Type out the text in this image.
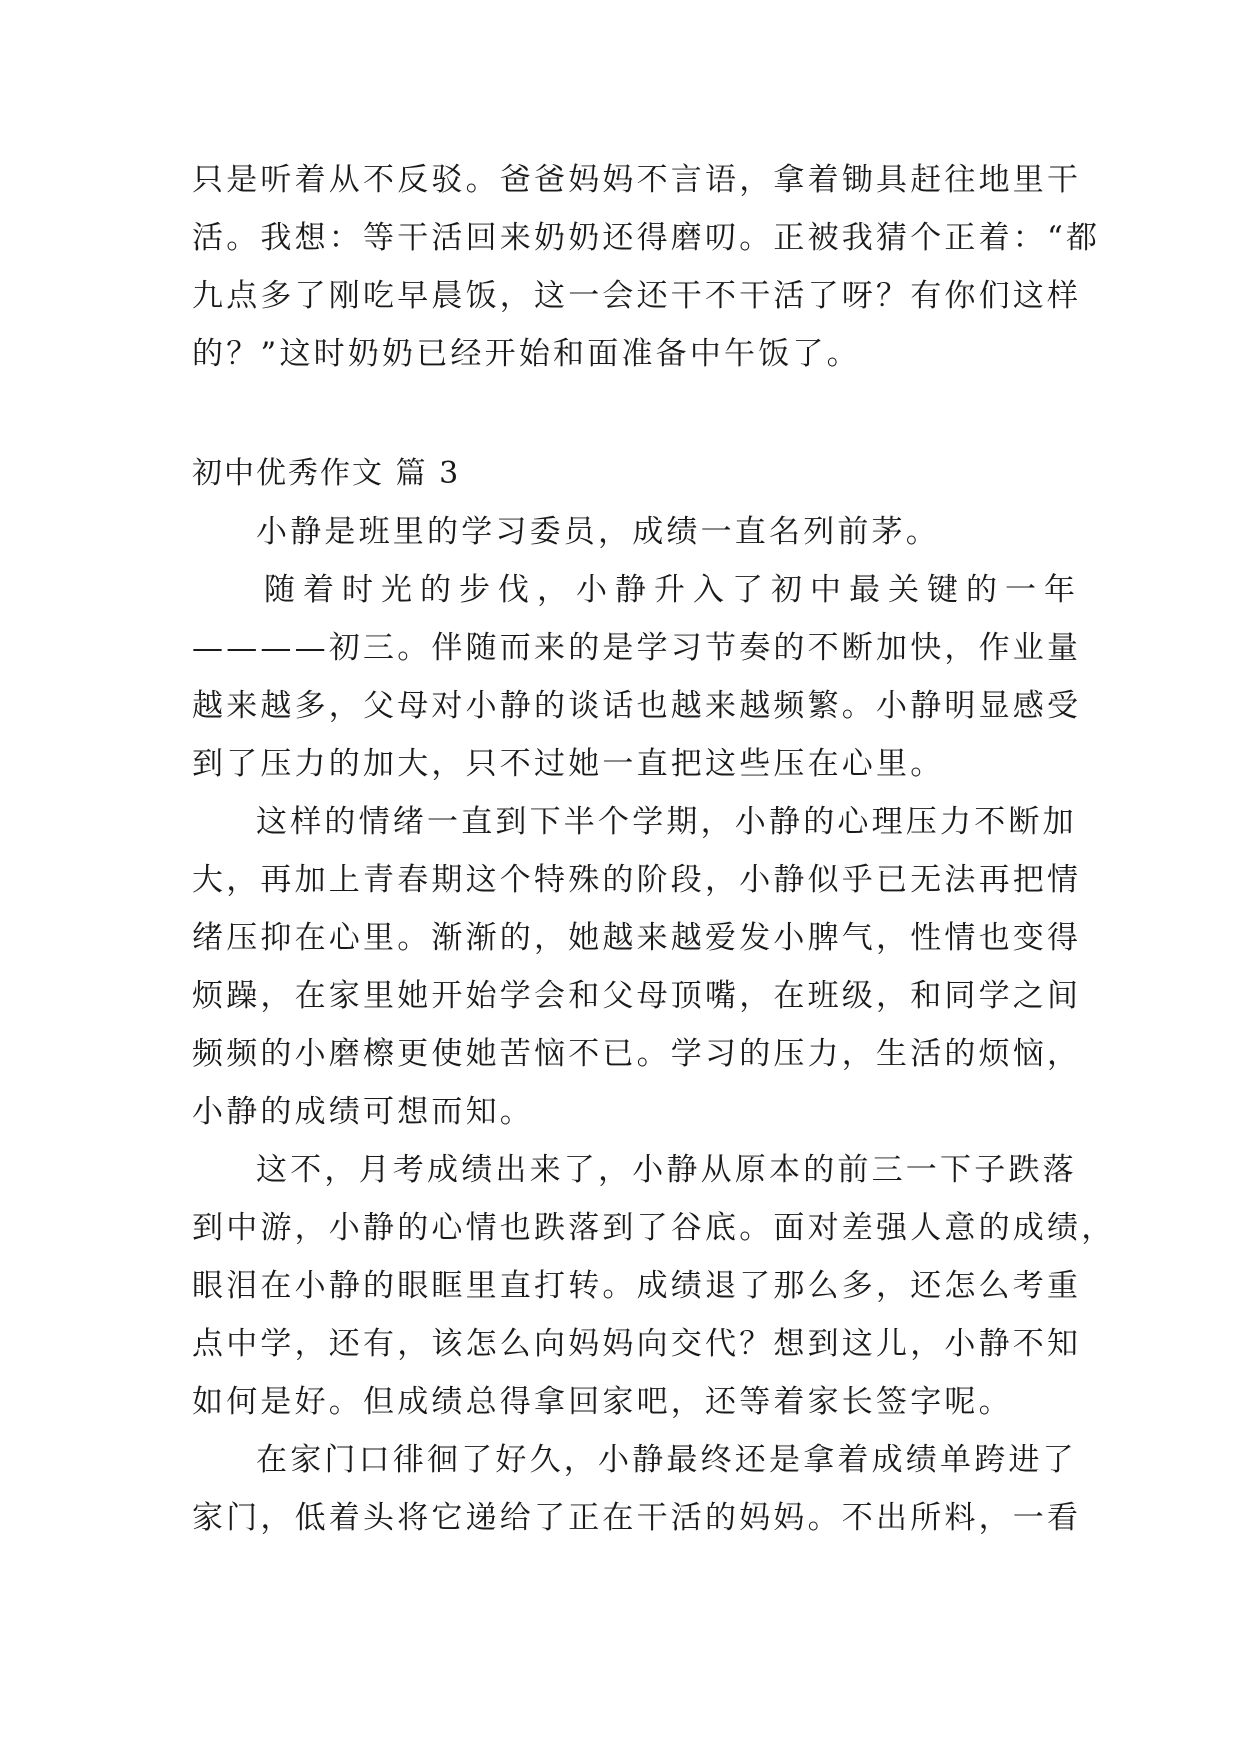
只是听着从不反驳。爸爸妈妈不言语，拿着锄具赶往地里干
活。我想：等干活回来奶奶还得磨叨。正被我猜个正着：“都
九点多了刚吃早晨饭，这一会还干不干活了呀？有你们这样
的？”这时奶奶已经开始和面准备中午饭了。
初中优秀作文 篇 3
小静是班里的学习委员，成绩一直名列前茅。
随着时光的步伐，小静升入了初中最关键的一年
————初三。伴随而来的是学习节奏的不断加快，作业量
越来越多，父母对小静的谈话也越来越频繁。小静明显感受
到了压力的加大，只不过她一直把这些压在心里。
这样的情绪一直到下半个学期，小静的心理压力不断加
大，再加上青春期这个特殊的阶段，小静似乎已无法再把情
绪压抑在心里。渐渐的，她越来越爱发小脾气，性情也变得
烦躁，在家里她开始学会和父母顶嘴，在班级，和同学之间
频频的小磨檫更使她苦恼不已。学习的压力，生活的烦恼，
小静的成绩可想而知。
这不，月考成绩出来了，小静从原本的前三一下子跌落
到中游，小静的心情也跌落到了谷底。面对差强人意的成绩，
眼泪在小静的眼眶里直打转。成绩退了那么多，还怎么考重
点中学，还有，该怎么向妈妈向交代？想到这儿，小静不知
如何是好。但成绩总得拿回家吧，还等着家长签字呢。
在家门口徘徊了好久，小静最终还是拿着成绩单跨进了
家门，低着头将它递给了正在干活的妈妈。不出所料，一看
